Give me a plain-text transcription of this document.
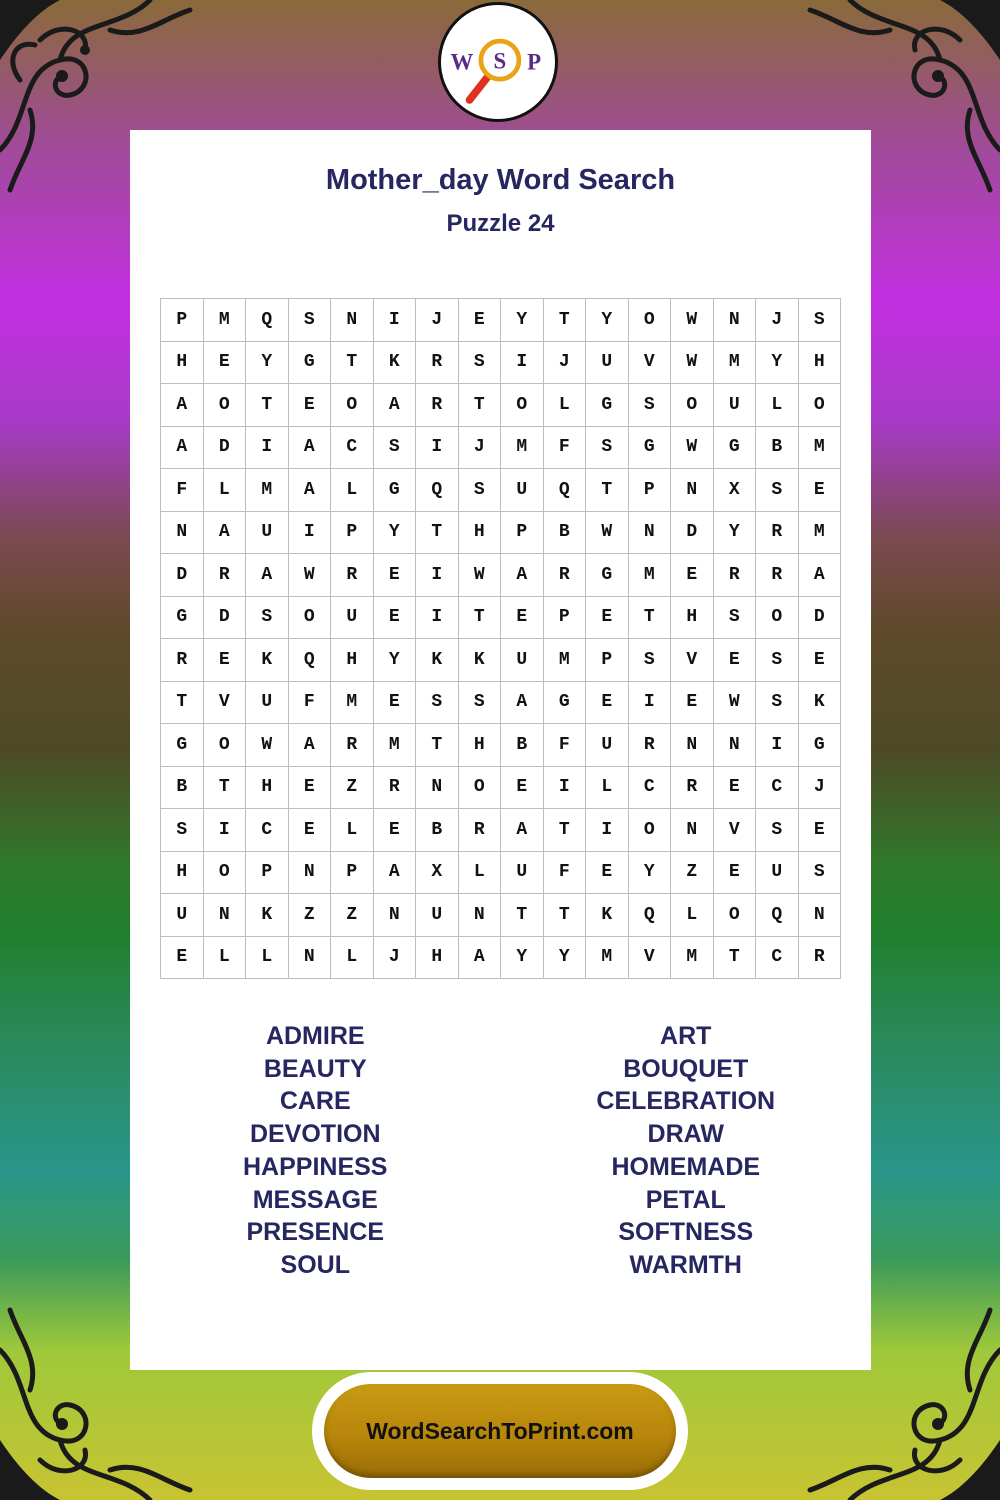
W S P
Mother_day Word Search
Puzzle 24
P	M	Q	S	N	I	J	E	Y	T	Y	O	W	N	J	S
H	E	Y	G	T	K	R	S	I	J	U	V	W	M	Y	H
A	O	T	E	O	A	R	T	O	L	G	S	O	U	L	O
A	D	I	A	C	S	I	J	M	F	S	G	W	G	B	M
F	L	M	A	L	G	Q	S	U	Q	T	P	N	X	S	E
N	A	U	I	P	Y	T	H	P	B	W	N	D	Y	R	M
D	R	A	W	R	E	I	W	A	R	G	M	E	R	R	A
G	D	S	O	U	E	I	T	E	P	E	T	H	S	O	D
R	E	K	Q	H	Y	K	K	U	M	P	S	V	E	S	E
T	V	U	F	M	E	S	S	A	G	E	I	E	W	S	K
G	O	W	A	R	M	T	H	B	F	U	R	N	N	I	G
B	T	H	E	Z	R	N	O	E	I	L	C	R	E	C	J
S	I	C	E	L	E	B	R	A	T	I	O	N	V	S	E
H	O	P	N	P	A	X	L	U	F	E	Y	Z	E	U	S
U	N	K	Z	Z	N	U	N	T	T	K	Q	L	O	Q	N
E	L	L	N	L	J	H	A	Y	Y	M	V	M	T	C	R
ADMIRE
BEAUTY
CARE
DEVOTION
HAPPINESS
MESSAGE
PRESENCE
SOUL
ART
BOUQUET
CELEBRATION
DRAW
HOMEMADE
PETAL
SOFTNESS
WARMTH
WordSearchToPrint.com
